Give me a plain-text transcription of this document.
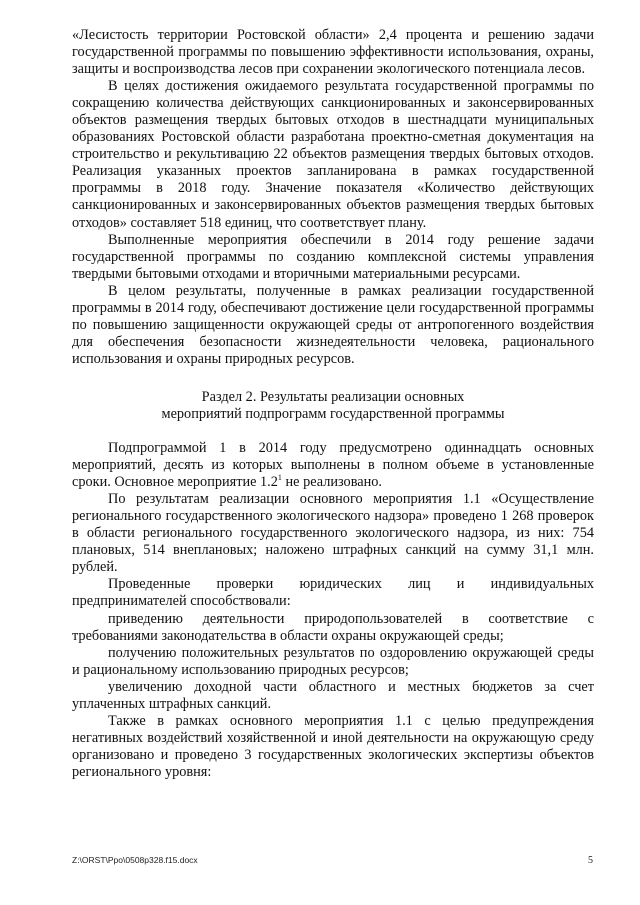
«Лесистость территории Ростовской области» 2,4 процента и решению задачи государственной программы по повышению эффективности использования, охраны, защиты и воспроизводства лесов при сохранении экологического потенциала лесов.

В целях достижения ожидаемого результата государственной программы по сокращению количества действующих санкционированных и законсервированных объектов размещения твердых бытовых отходов в шестнадцати муниципальных образованиях Ростовской области разработана проектно-сметная документация на строительство и рекультивацию 22 объектов размещения твердых бытовых отходов. Реализация указанных проектов запланирована в рамках государственной программы в 2018 году. Значение показателя «Количество действующих санкционированных и законсервированных объектов размещения твердых бытовых отходов» составляет 518 единиц, что соответствует плану.

Выполненные мероприятия обеспечили в 2014 году решение задачи государственной программы по созданию комплексной системы управления твердыми бытовыми отходами и вторичными материальными ресурсами.

В целом результаты, полученные в рамках реализации государственной программы в 2014 году, обеспечивают достижение цели государственной программы по повышению защищенности окружающей среды от антропогенного воздействия для обеспечения безопасности жизнедеятельности человека, рационального использования и охраны природных ресурсов.

Раздел 2. Результаты реализации основных
мероприятий подпрограмм государственной программы

Подпрограммой 1 в 2014 году предусмотрено одиннадцать основных мероприятий, десять из которых выполнены в полном объеме в установленные сроки. Основное мероприятие $1.2^1$ не реализовано.

По результатам реализации основного мероприятия 1.1 «Осуществление регионального государственного экологического надзора» проведено 1 268 проверок в области регионального государственного экологического надзора, из них: 754 плановых, 514 внеплановых; наложено штрафных санкций на сумму 31,1 млн. рублей.

Проведенные проверки юридических лиц и индивидуальных предпринимателей способствовали:

приведению деятельности природопользователей в соответствие с требованиями законодательства в области охраны окружающей среды;

получению положительных результатов по оздоровлению окружающей среды и рациональному использованию природных ресурсов;

увеличению доходной части областного и местных бюджетов за счет уплаченных штрафных санкций.

Также в рамках основного мероприятия 1.1 с целью предупреждения негативных воздействий хозяйственной и иной деятельности на окружающую среду организовано и проведено 3 государственных экологических экспертизы объектов регионального уровня:

Z:\ORST\Ppo\0508p328.f15.docx	5
